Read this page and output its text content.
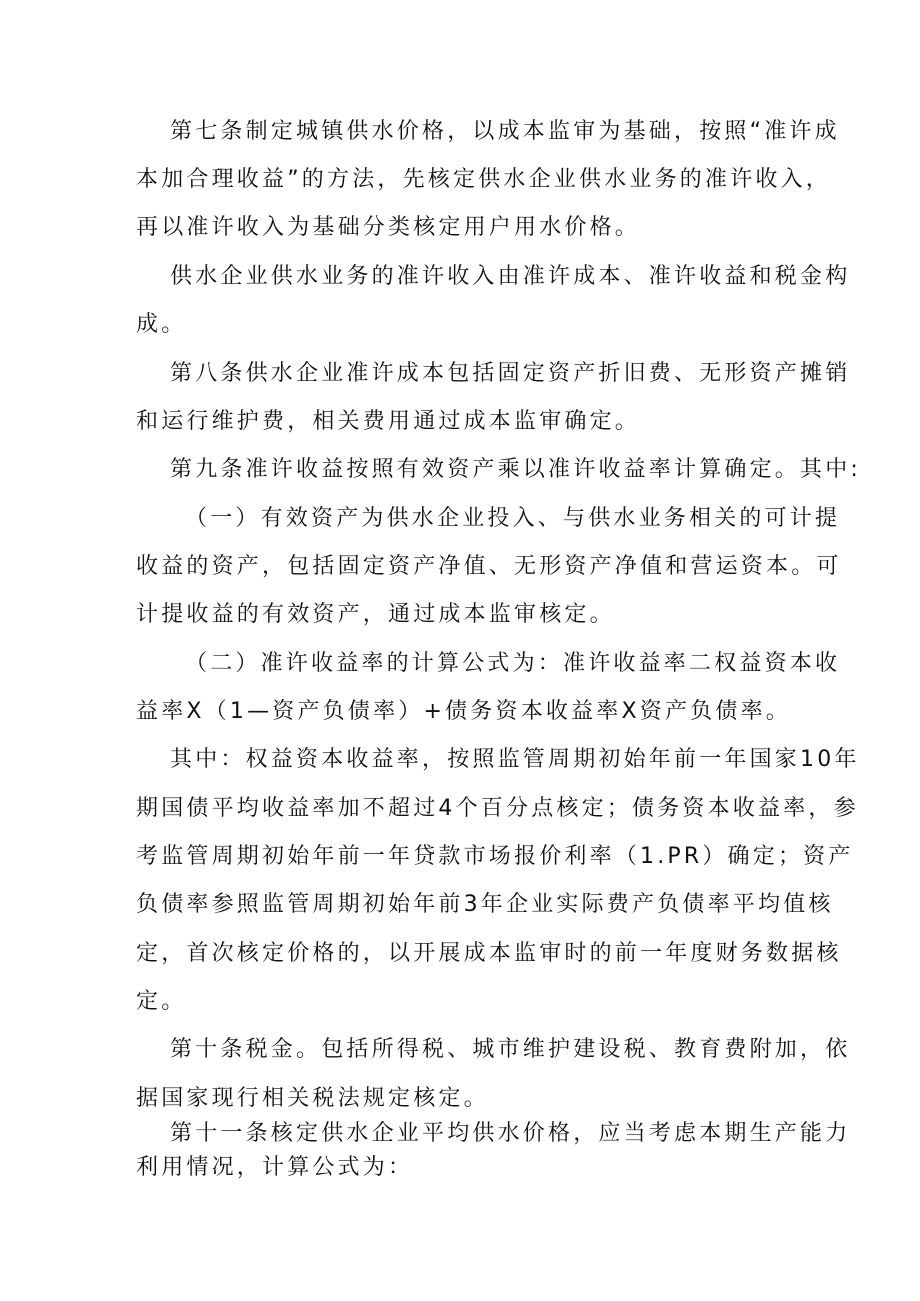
第七条制定城镇供水价格，以成本监审为基础，按照“准许成
本加合理收益”的方法，先核定供水企业供水业务的准许收入，
再以准许收入为基础分类核定用户用水价格。
供水企业供水业务的准许收入由准许成本、准许收益和税金构
成。
第八条供水企业准许成本包括固定资产折旧费、无形资产摊销
和运行维护费，相关费用通过成本监审确定。
第九条准许收益按照有效资产乘以准许收益率计算确定。其中:
（一）有效资产为供水企业投入、与供水业务相关的可计提
收益的资产，包括固定资产净值、无形资产净值和营运资本。可
计提收益的有效资产，通过成本监审核定。
（二）准许收益率的计算公式为：准许收益率二权益资本收
益率X（1—资产负债率）+债务资本收益率X资产负债率。
其中：权益资本收益率，按照监管周期初始年前一年国家10年
期国债平均收益率加不超过4个百分点核定；债务资本收益率，参
考监管周期初始年前一年贷款市场报价利率（1.PR）确定；资产
负债率参照监管周期初始年前3年企业实际费产负债率平均值核
定，首次核定价格的，以开展成本监审时的前一年度财务数据核
定。
第十条税金。包括所得税、城市维护建设税、教育费附加，依
据国家现行相关税法规定核定。
第十一条核定供水企业平均供水价格，应当考虑本期生产能力
利用情况，计算公式为：
